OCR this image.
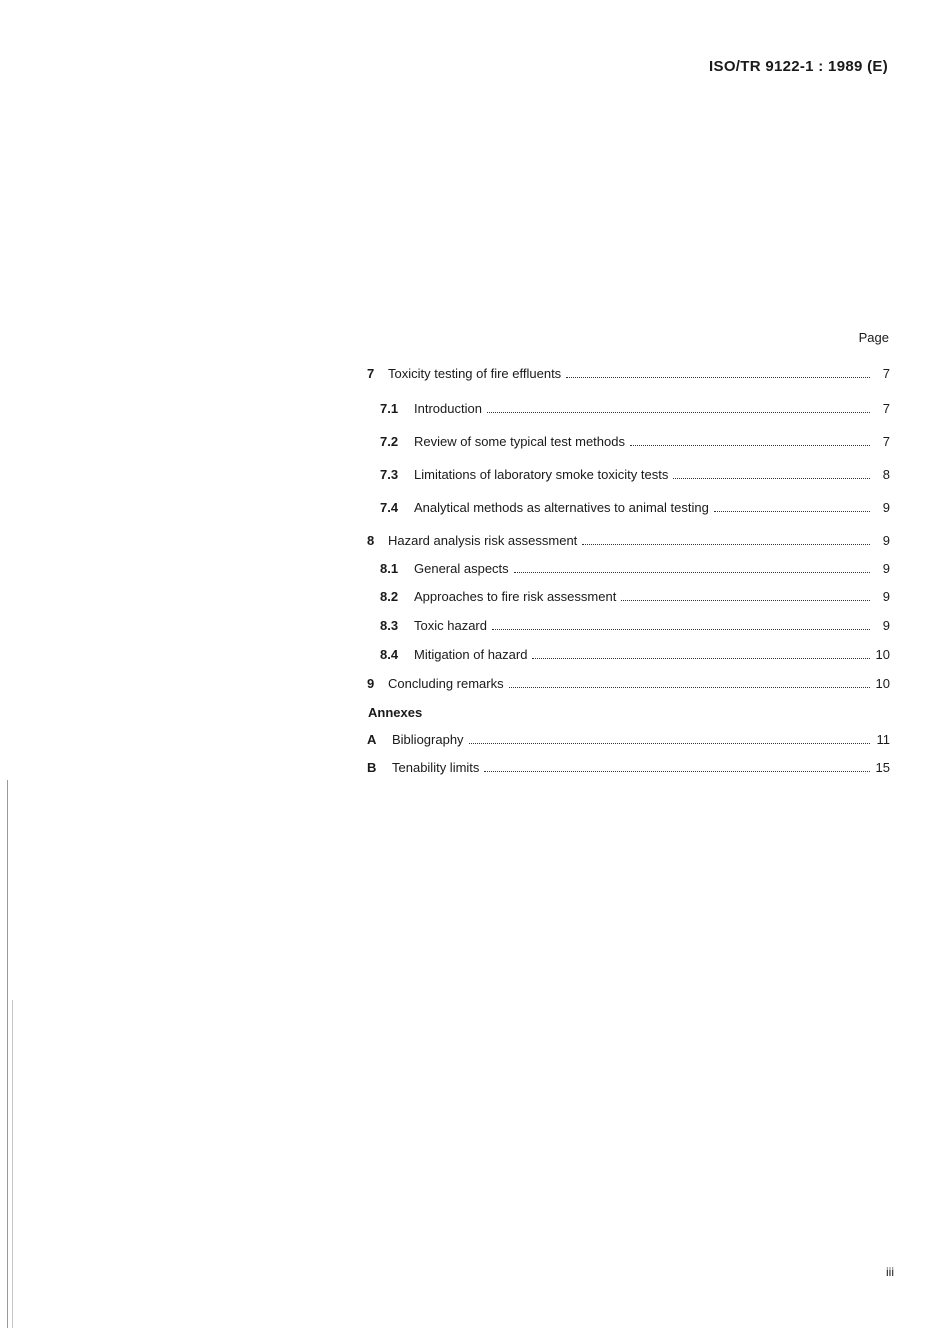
ISO/TR 9122-1 : 1989 (E)
Page
7	Toxicity testing of fire effluents	7
7.1	Introduction	7
7.2	Review of some typical test methods	7
7.3	Limitations of laboratory smoke toxicity tests	8
7.4	Analytical methods as alternatives to animal testing	9
8	Hazard analysis risk assessment	9
8.1	General aspects	9
8.2	Approaches to fire risk assessment	9
8.3	Toxic hazard	9
8.4	Mitigation of hazard	10
9	Concluding remarks	10
Annexes
A	Bibliography	11
B	Tenability limits	15
iii
